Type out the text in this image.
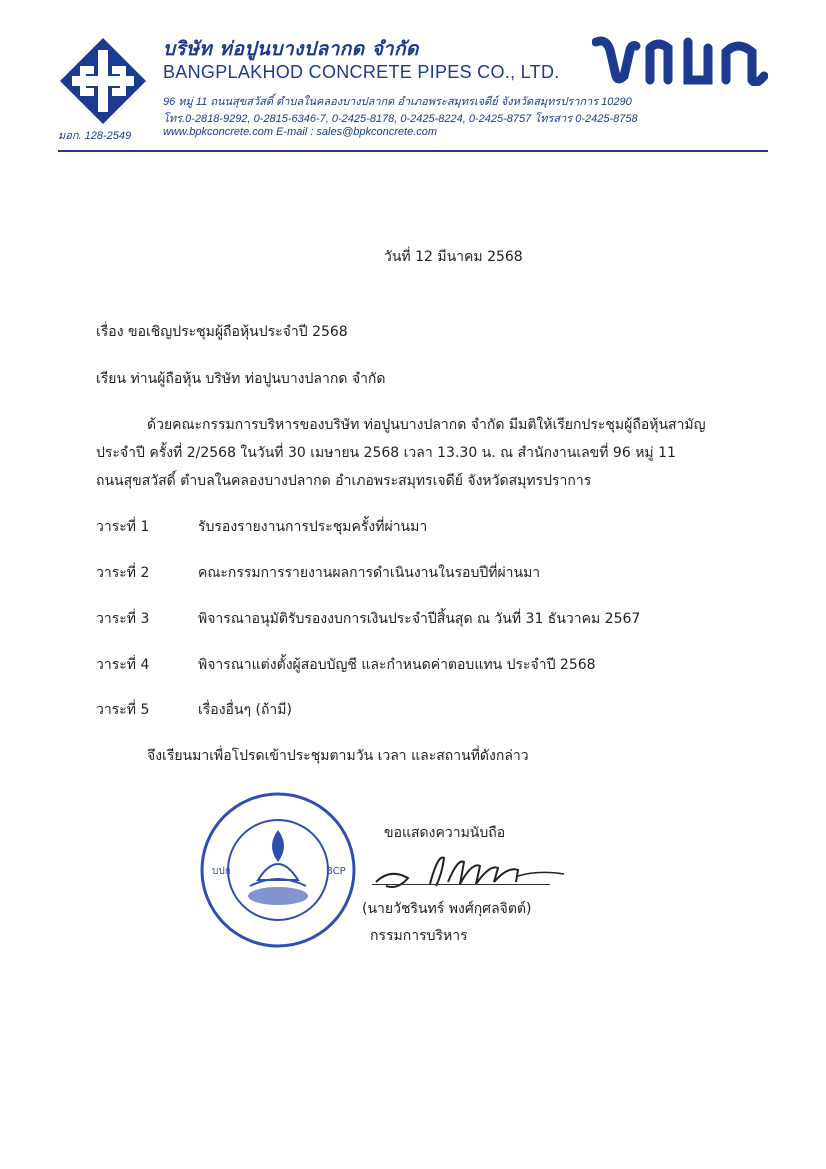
มอก. 128-2549
บริษัท ท่อปูนบางปลากด จำกัด
BANGPLAKHOD CONCRETE PIPES CO., LTD.
96 หมู่ 11 ถนนสุขสวัสดิ์ ตำบลในคลองบางปลากด อำเภอพระสมุทรเจดีย์ จังหวัดสมุทรปราการ 10290
โทร.0-2818-9292, 0-2815-6346-7, 0-2425-8178, 0-2425-8224, 0-2425-8757 โทรสาร 0-2425-8758
www.bpkconcrete.com E-mail : sales@bpkconcrete.com
วันที่ 12 มีนาคม 2568
เรื่อง ขอเชิญประชุมผู้ถือหุ้นประจำปี 2568
เรียน ท่านผู้ถือหุ้น บริษัท ท่อปูนบางปลากด จำกัด
ด้วยคณะกรรมการบริหารของบริษัท ท่อปูนบางปลากด จำกัด มีมติให้เรียกประชุมผู้ถือหุ้นสามัญ
ประจำปี ครั้งที่ 2/2568 ในวันที่ 30 เมษายน 2568 เวลา 13.30 น. ณ สำนักงานเลขที่ 96 หมู่ 11
ถนนสุขสวัสดิ์ ตำบลในคลองบางปลากด อำเภอพระสมุทรเจดีย์ จังหวัดสมุทรปราการ
วาระที่ 1	รับรองรายงานการประชุมครั้งที่ผ่านมา
วาระที่ 2	คณะกรรมการรายงานผลการดำเนินงานในรอบปีที่ผ่านมา
วาระที่ 3	พิจารณาอนุมัติรับรองงบการเงินประจำปีสิ้นสุด ณ วันที่ 31 ธันวาคม 2567
วาระที่ 4	พิจารณาแต่งตั้งผู้สอบบัญชี และกำหนดค่าตอบแทน ประจำปี 2568
วาระที่ 5	เรื่องอื่นๆ (ถ้ามี)
จึงเรียนมาเพื่อโปรดเข้าประชุมตามวัน เวลา และสถานที่ดังกล่าว
บปก	BCP
ขอแสดงความนับถือ
(นายวัชรินทร์ พงศ์กุศลจิตต์)
กรรมการบริหาร
